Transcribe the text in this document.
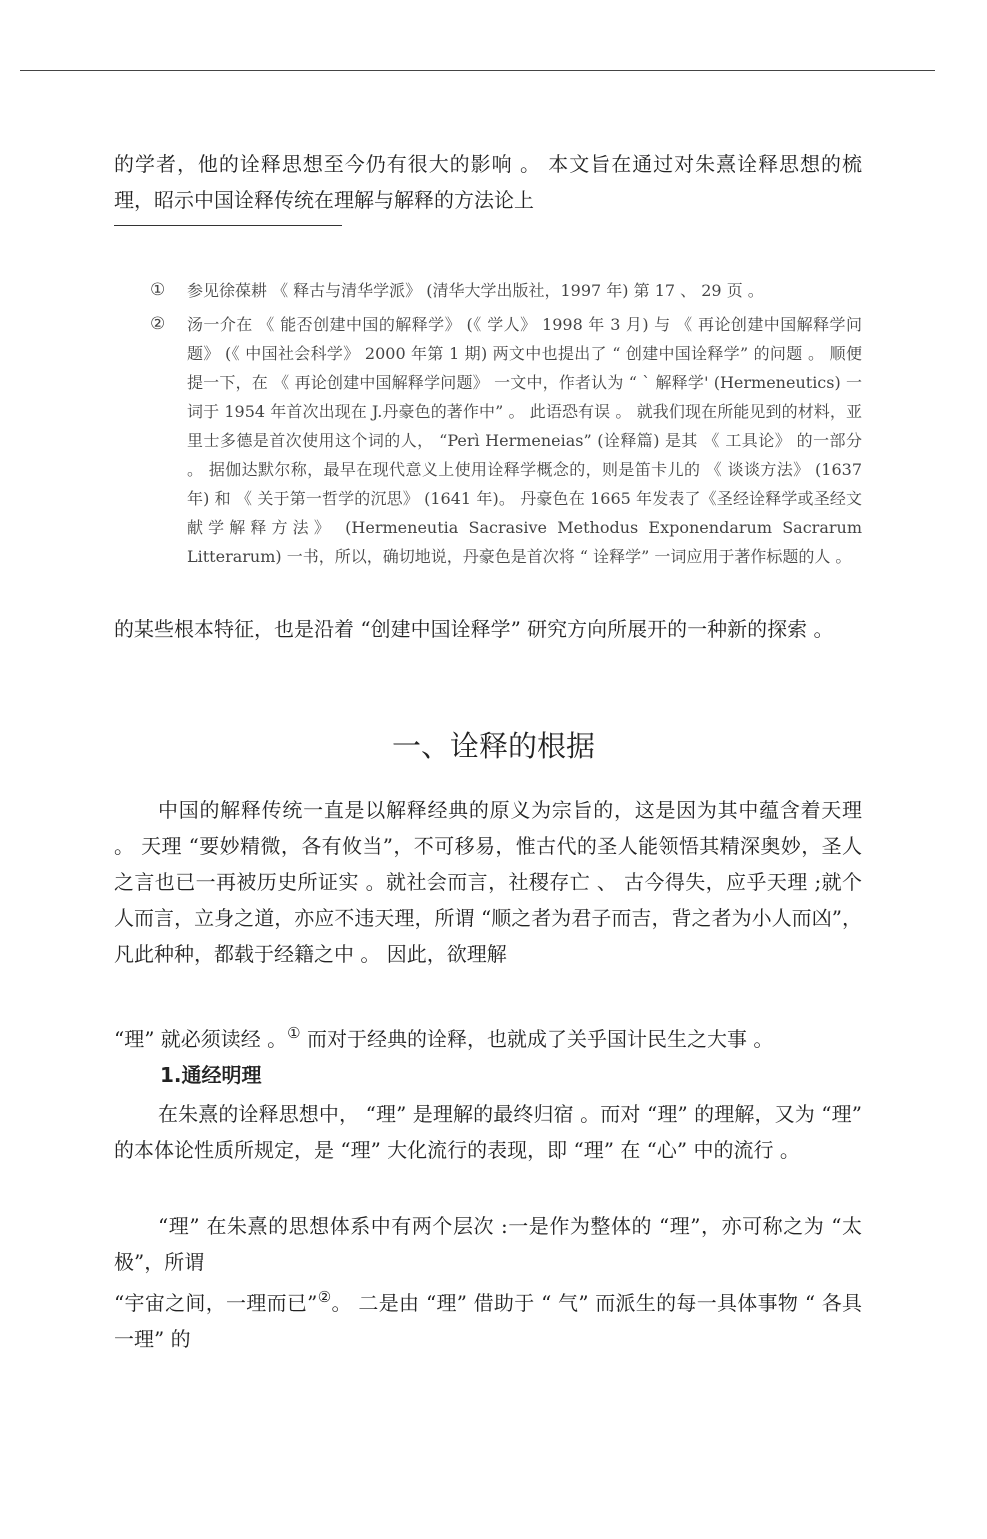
的学者，他的诠释思想至今仍有很大的影响 。 本文旨在通过对朱熹诠释思想的梳理，昭示中国诠释传统在理解与解释的方法论上

①	参见徐葆耕 《 释古与清华学派》 (清华大学出版社，1997 年) 第 17 、 29 页 。
②	汤一介在 《 能否创建中国的解释学》 (《 学人》 1998 年 3 月) 与 《 再论创建中国解释学问题》 (《 中国社会科学》 2000 年第 1 期) 两文中也提出了 “ 创建中国诠释学” 的问题 。 顺便提一下，在 《 再论创建中国解释学问题》 一文中，作者认为 “ ` 解释学' (Hermeneutics) 一词于 1954 年首次出现在 J.丹豪色的著作中” 。 此语恐有误 。 就我们现在所能见到的材料，亚里士多德是首次使用这个词的人， “Perì Hermeneias” (诠释篇) 是其 《 工具论》 的一部分 。 据伽达默尔称，最早在现代意义上使用诠释学概念的，则是笛卡儿的 《 谈谈方法》 (1637 年) 和 《 关于第一哲学的沉思》 (1641 年)。 丹豪色在 1665 年发表了《圣经诠释学或圣经文献学解释方法》 (Hermeneutia Sacrasive Methodus Exponendarum Sacrarum Litterarum) 一书，所以，确切地说，丹豪色是首次将 “ 诠释学” 一词应用于著作标题的人 。

的某些根本特征，也是沿着 “创建中国诠释学” 研究方向所展开的一种新的探索 。

一、诠释的根据

中国的解释传统一直是以解释经典的原义为宗旨的，这是因为其中蕴含着天理 。 天理 “要妙精微，各有攸当”，不可移易，惟古代的圣人能领悟其精深奥妙，圣人之言也已一再被历史所证实 。就社会而言，社稷存亡 、 古今得失，应乎天理 ;就个人而言，立身之道，亦应不违天理，所谓 “顺之者为君子而吉，背之者为小人而凶”，凡此种种，都载于经籍之中 。 因此，欲理解

“理” 就必须读经 。① 而对于经典的诠释，也就成了关乎国计民生之大事 。

1.通经明理

在朱熹的诠释思想中， “理” 是理解的最终归宿 。而对 “理” 的理解，又为 “理” 的本体论性质所规定，是 “理” 大化流行的表现，即 “理” 在 “心” 中的流行 。

“理” 在朱熹的思想体系中有两个层次 :一是作为整体的 “理”，亦可称之为 “太极”，所谓

“宇宙之间，一理而已”②。 二是由 “理” 借助于 “ 气” 而派生的每一具体事物 “ 各具一理” 的
